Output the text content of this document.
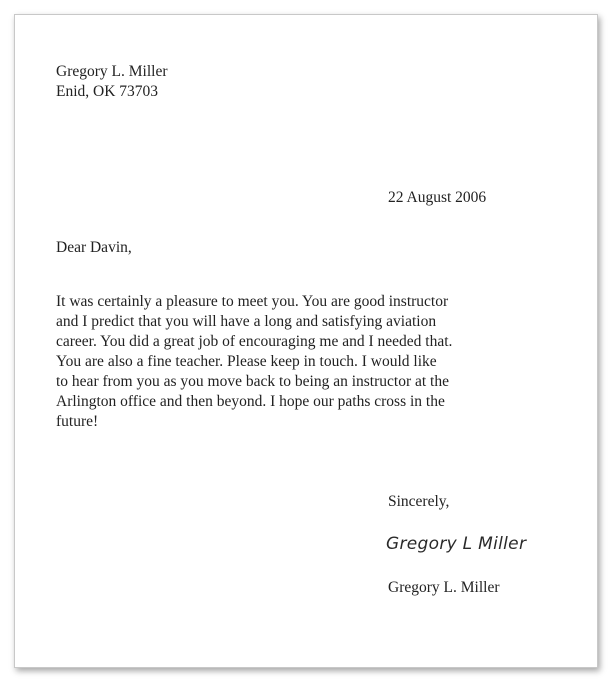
Gregory L. Miller
Enid, OK 73703
22 August 2006
Dear Davin,
It was certainly a pleasure to meet you. You are good instructor
and I predict that you will have a long and satisfying aviation
career. You did a great job of encouraging me and I needed that.
You are also a fine teacher. Please keep in touch. I would like
to hear from you as you move back to being an instructor at the
Arlington office and then beyond. I hope our paths cross in the
future!
Sincerely,
Gregory L Miller
Gregory L. Miller
